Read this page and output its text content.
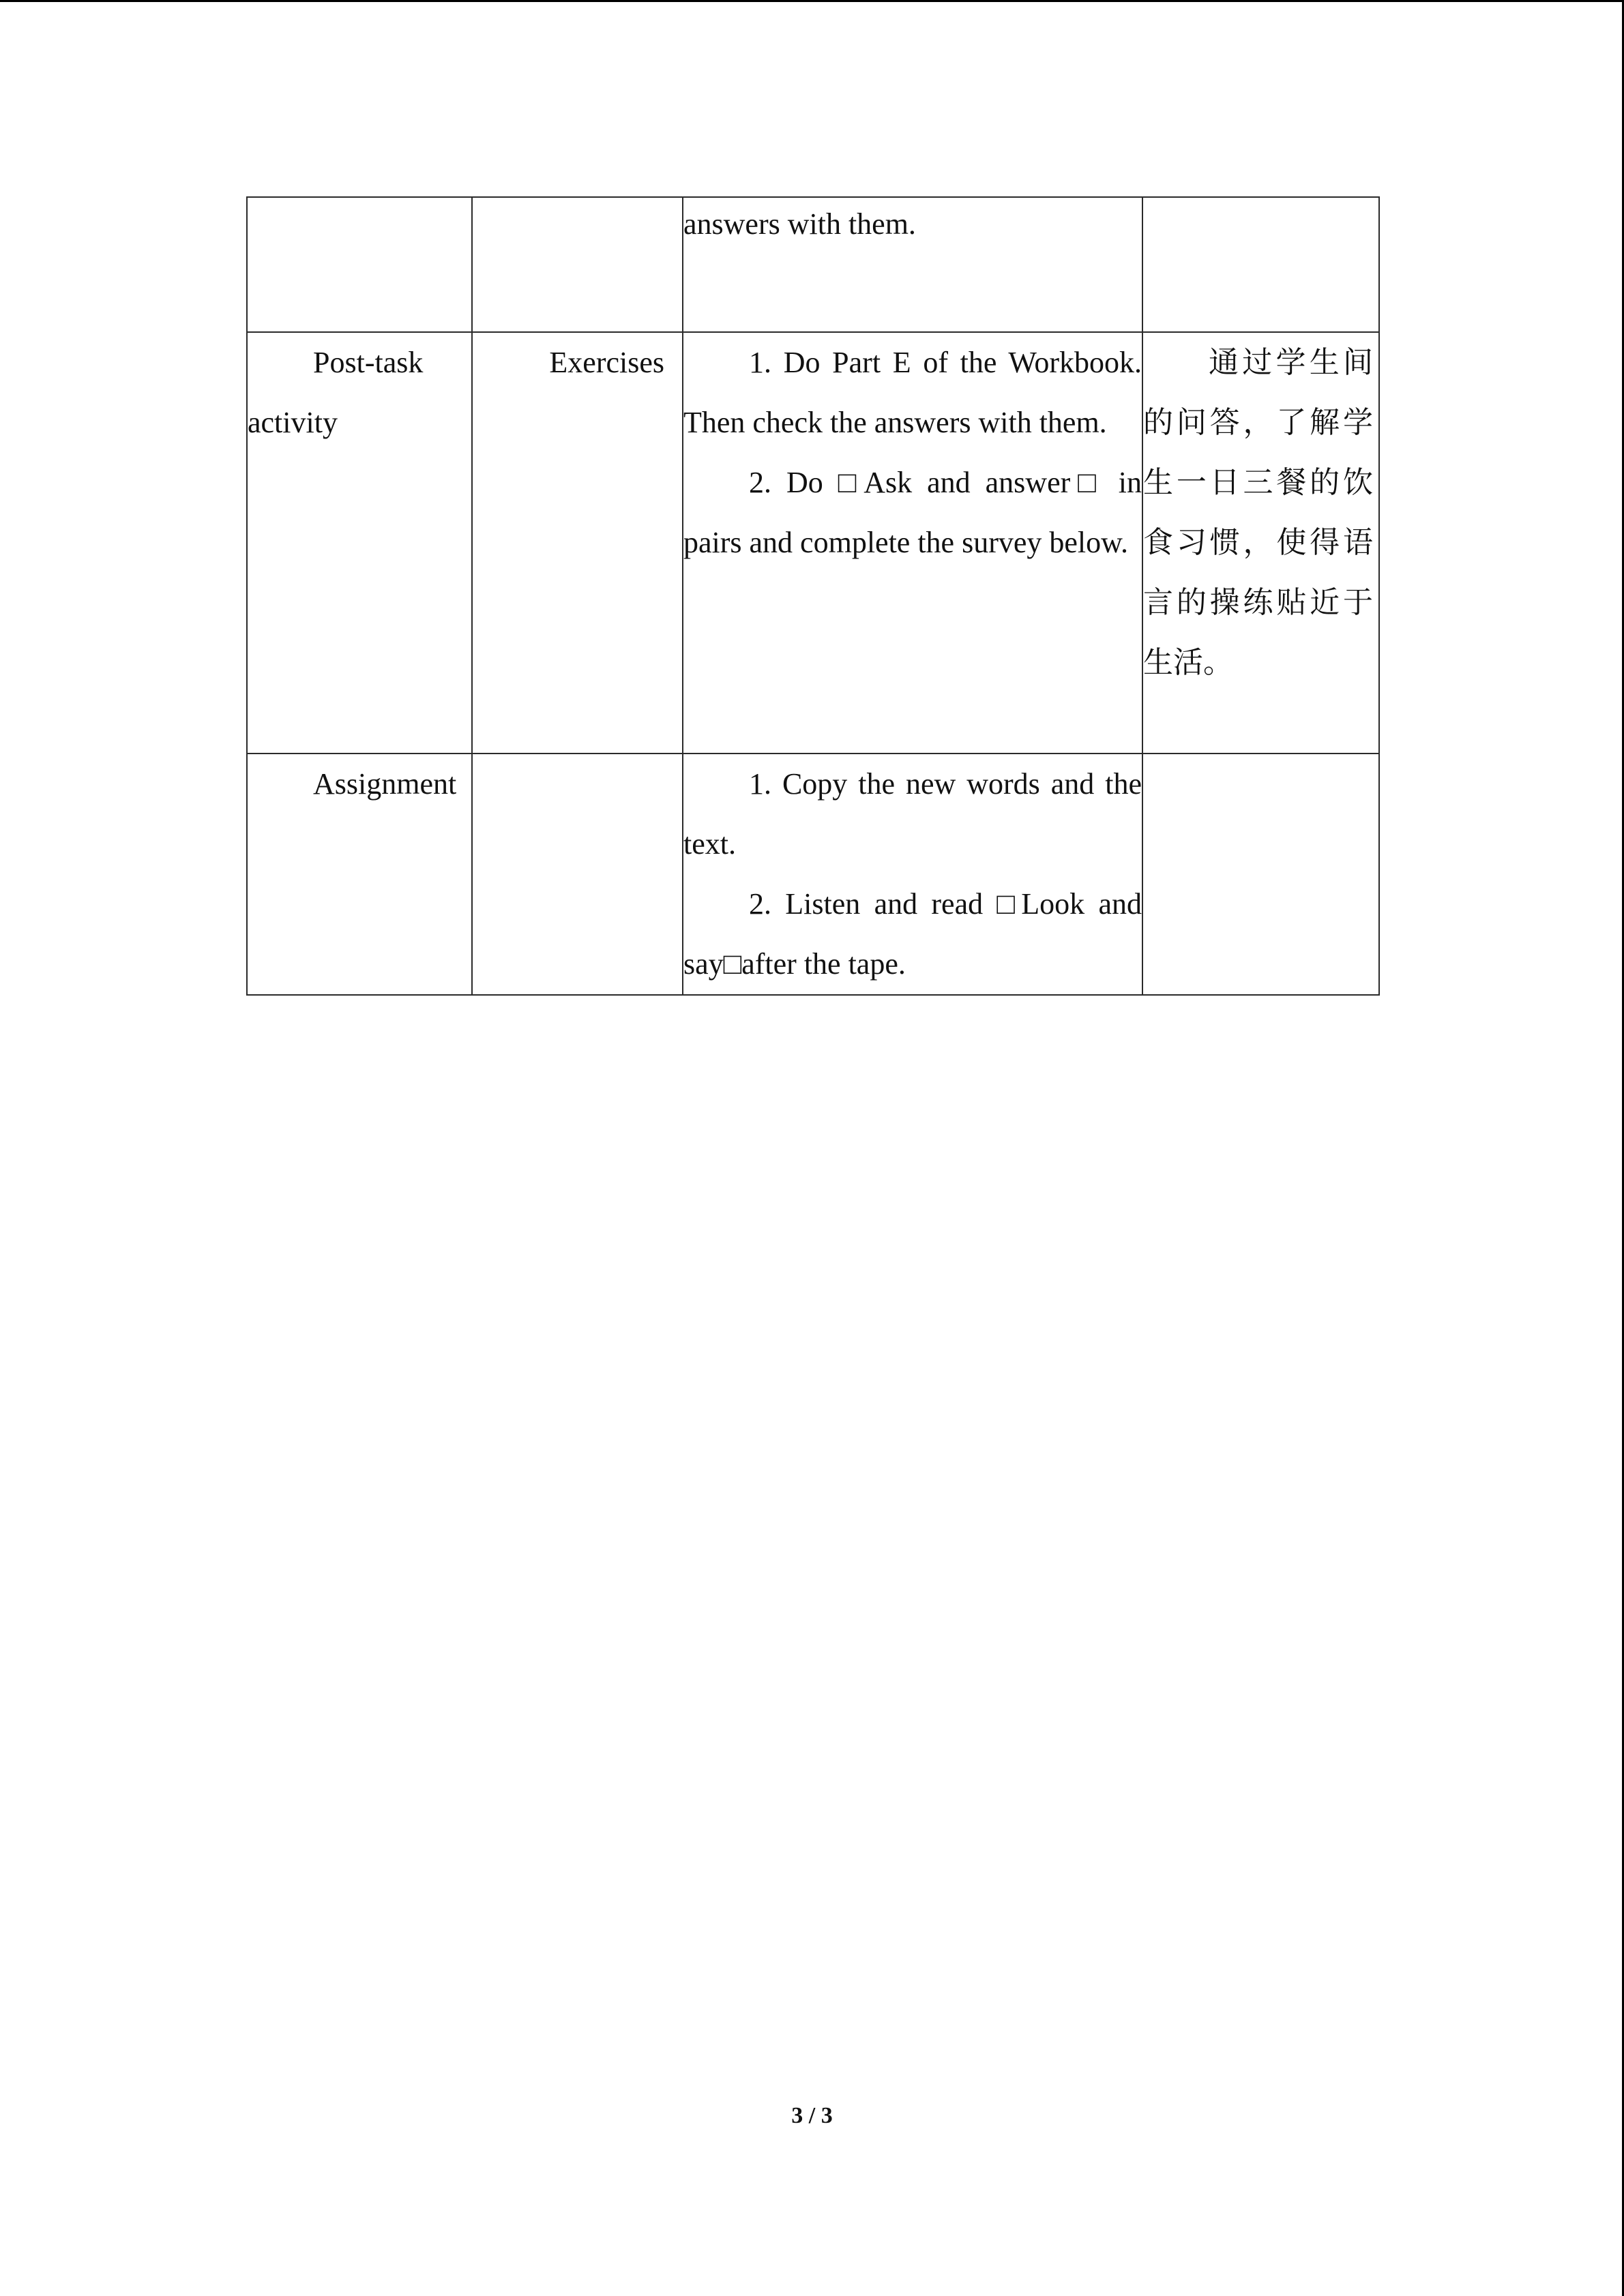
		answers with them.	

Post-task
activity	Exercises	1. Do Part E of the Workbook. Then check the answers with them.
2. Do □Ask and answer□ in pairs and complete the survey below.	通过学生间的问答，了解学生一日三餐的饮食习惯，使得语言的操练贴近于生活。

Assignment		1. Copy the new words and the text.
2. Listen and read □Look and say□after the tape.	

3 / 3
